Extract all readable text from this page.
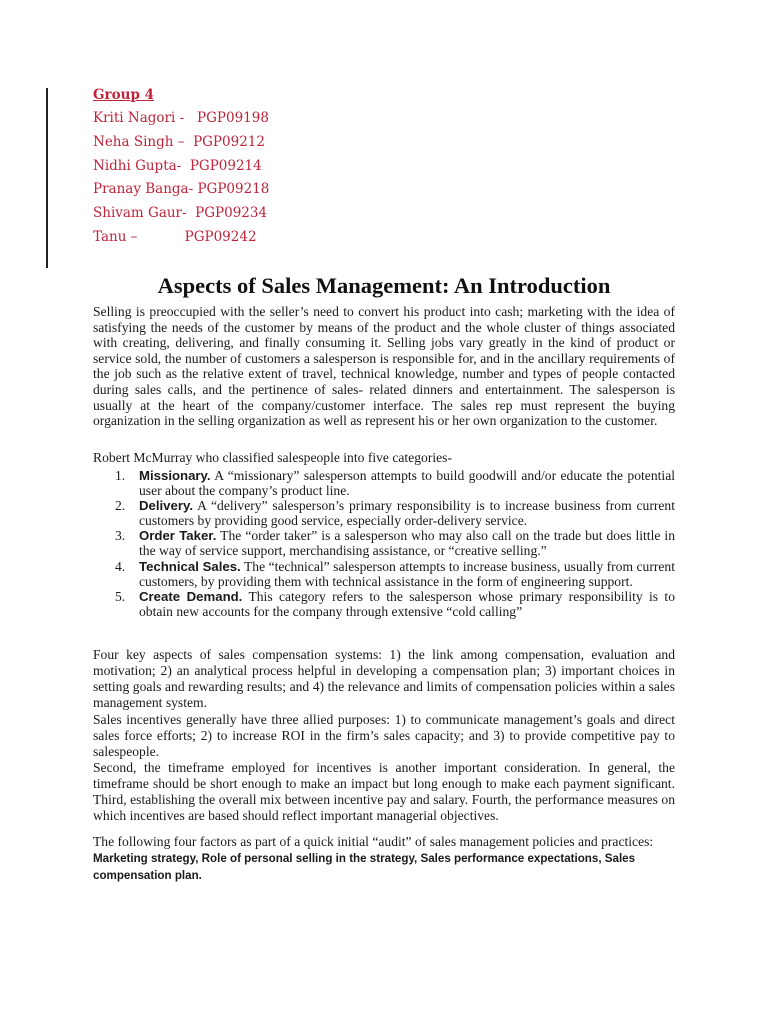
Group 4
Kriti Nagori -   PGP09198
Neha Singh –  PGP09212
Nidhi Gupta-  PGP09214
Pranay Banga- PGP09218
Shivam Gaur-  PGP09234
Tanu –           PGP09242
Aspects of Sales Management: An Introduction
Selling is preoccupied with the seller’s need to convert his product into cash; marketing with the idea of satisfying the needs of the customer by means of the product and the whole cluster of things associated with creating, delivering, and finally consuming it. Selling jobs vary greatly in the kind of product or service sold, the number of customers a salesperson is responsible for, and in the ancillary requirements of the job such as the relative extent of travel, technical knowledge, number and types of people contacted during sales calls, and the pertinence of sales- related dinners and entertainment. The salesperson is usually at the heart of the company/customer interface. The sales rep must represent the buying organization in the selling organization as well as represent his or her own organization to the customer.
Robert McMurray who classified salespeople into five categories-
1. Missionary. A “missionary” salesperson attempts to build goodwill and/or educate the potential user about the company’s product line.
2. Delivery. A “delivery” salesperson’s primary responsibility is to increase business from current customers by providing good service, especially order-delivery service.
3. Order Taker. The “order taker” is a salesperson who may also call on the trade but does little in the way of service support, merchandising assistance, or “creative selling.”
4. Technical Sales. The “technical” salesperson attempts to increase business, usually from current customers, by providing them with technical assistance in the form of engineering support.
5. Create Demand. This category refers to the salesperson whose primary responsibility is to obtain new accounts for the company through extensive “cold calling”
Four key aspects of sales compensation systems: 1) the link among compensation, evaluation and motivation; 2) an analytical process helpful in developing a compensation plan; 3) important choices in setting goals and rewarding results; and 4) the relevance and limits of compensation policies within a sales management system.
Sales incentives generally have three allied purposes: 1) to communicate management’s goals and direct sales force efforts; 2) to increase ROI in the firm’s sales capacity; and 3) to provide competitive pay to salespeople.
Second, the timeframe employed for incentives is another important consideration. In general, the timeframe should be short enough to make an impact but long enough to make each payment significant. Third, establishing the overall mix between incentive pay and salary. Fourth, the performance measures on which incentives are based should reflect important managerial objectives.
The following four factors as part of a quick initial “audit” of sales management policies and practices: Marketing strategy, Role of personal selling in the strategy, Sales performance expectations, Sales compensation plan.
